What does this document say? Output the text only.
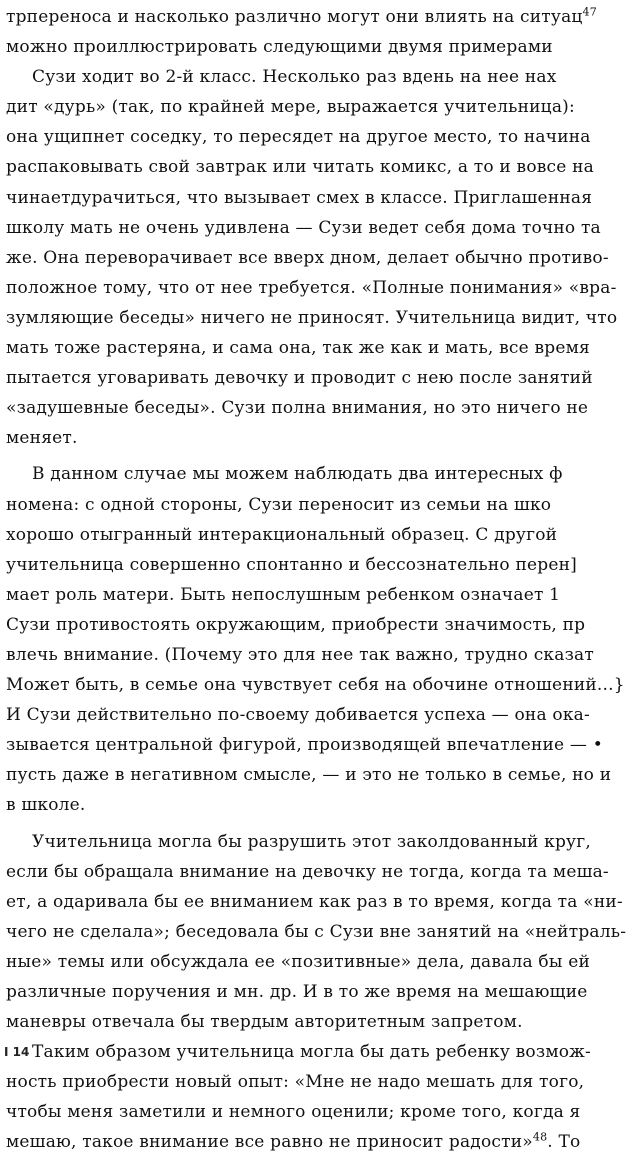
трпереноса и насколько различно могут они влиять на ситуац$^{47}$
можно проиллюстрировать следующими двумя примерами
Сузи ходит во 2-й класс. Несколько раз вдень на нее нах
дит «дурь» (так, по крайней мере, выражается учительница):
она ущипнет соседку, то пересядет на другое место, то начина
распаковывать свой завтрак или читать комикс, а то и вовсе на
чинаетдурачиться, что вызывает смех в классе. Приглашенная
школу мать не очень удивлена — Сузи ведет себя дома точно та
же. Она переворачивает все вверх дном, делает обычно противо-
положное тому, что от нее требуется. «Полные понимания» «вра-
зумляющие беседы» ничего не приносят. Учительница видит, что
мать тоже растеряна, и сама она, так же как и мать, все время
пытается уговаривать девочку и проводит с нею после занятий
«задушевные беседы». Сузи полна внимания, но это ничего не
меняет.
В данном случае мы можем наблюдать два интересных ф
номена: с одной стороны, Сузи переносит из семьи на шко
хорошо отыгранный интеракциональный образец. С другой
учительница совершенно спонтанно и бессознательно перен]
мает роль матери. Быть непослушным ребенком означает 1
Сузи противостоять окружающим, приобрести значимость, пр
влечь внимание. (Почему это для нее так важно, трудно сказат
Может быть, в семье она чувствует себя на обочине отношений...}
И Сузи действительно по-своему добивается успеха — она ока-
зывается центральной фигурой, производящей впечатление — •
пусть даже в негативном смысле, — и это не только в семье, но и
в школе.
Учительница могла бы разрушить этот заколдованный круг,
если бы обращала внимание на девочку не тогда, когда та меша-
ет, а одаривала бы ее вниманием как раз в то время, когда та «ни-
чего не сделала»; беседовала бы с Сузи вне занятий на «нейтраль-
ные» темы или обсуждала ее «позитивные» дела, давала бы ей
различные поручения и мн. др. И в то же время на мешающие
маневры отвечала бы твердым авторитетным запретом.
Таким образом учительница могла бы дать ребенку возмож-
ность приобрести новый опыт: «Мне не надо мешать для того,
чтобы меня заметили и немного оценили; кроме того, когда я
мешаю, такое внимание все равно не приносит радости»$^{48}$. То
I 14
